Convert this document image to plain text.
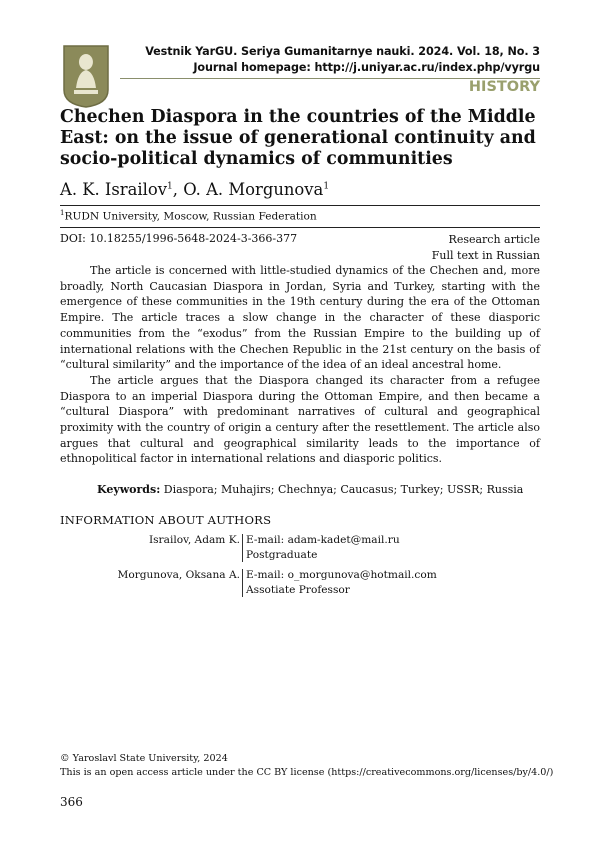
Vestnik YarGU. Seriya Gumanitarnye nauki. 2024. Vol. 18, No. 3
Journal homepage: http://j.uniyar.ac.ru/index.php/vyrgu
HISTORY
Chechen Diaspora in the countries of the Middle East: on the issue of generational continuity and socio-political dynamics of communities
A. K. Israilov$^1$, O. A. Morgunova$^1$
$^1$RUDN University, Moscow, Russian Federation
DOI: 10.18255/1996-5648-2024-3-366-377	Research article
Full text in Russian

The article is concerned with little-studied dynamics of the Chechen and, more broadly, North Caucasian Diaspora in Jordan, Syria and Turkey, starting with the emergence of these communities in the 19th century during the era of the Ottoman Empire. The article traces a slow change in the character of these diasporic communities from the “exodus” from the Russian Empire to the building up of international relations with the Chechen Republic in the 21st century on the basis of “cultural similarity” and the importance of the idea of an ideal ancestral home.

The article argues that the Diaspora changed its character from a refugee Diaspora to an imperial Diaspora during the Ottoman Empire, and then became a “cultural Diaspora” with predominant narratives of cultural and geographical proximity with the country of origin a century after the resettlement. The article also argues that cultural and geographical similarity leads to the importance of ethnopolitical factor in international relations and diasporic politics.

Keywords: Diaspora; Muhajirs; Chechnya; Caucasus; Turkey; USSR; Russia
INFORMATION ABOUT AUTHORS
Israilov, Adam K. E-mail: adam-kadet@mail.ru
Postgraduate
Morgunova, Oksana A. E-mail: o_morgunova@hotmail.com
Assotiate Professor
© Yaroslavl State University, 2024
This is an open access article under the CC BY license (https://creativecommons.org/licenses/by/4.0/)
366
